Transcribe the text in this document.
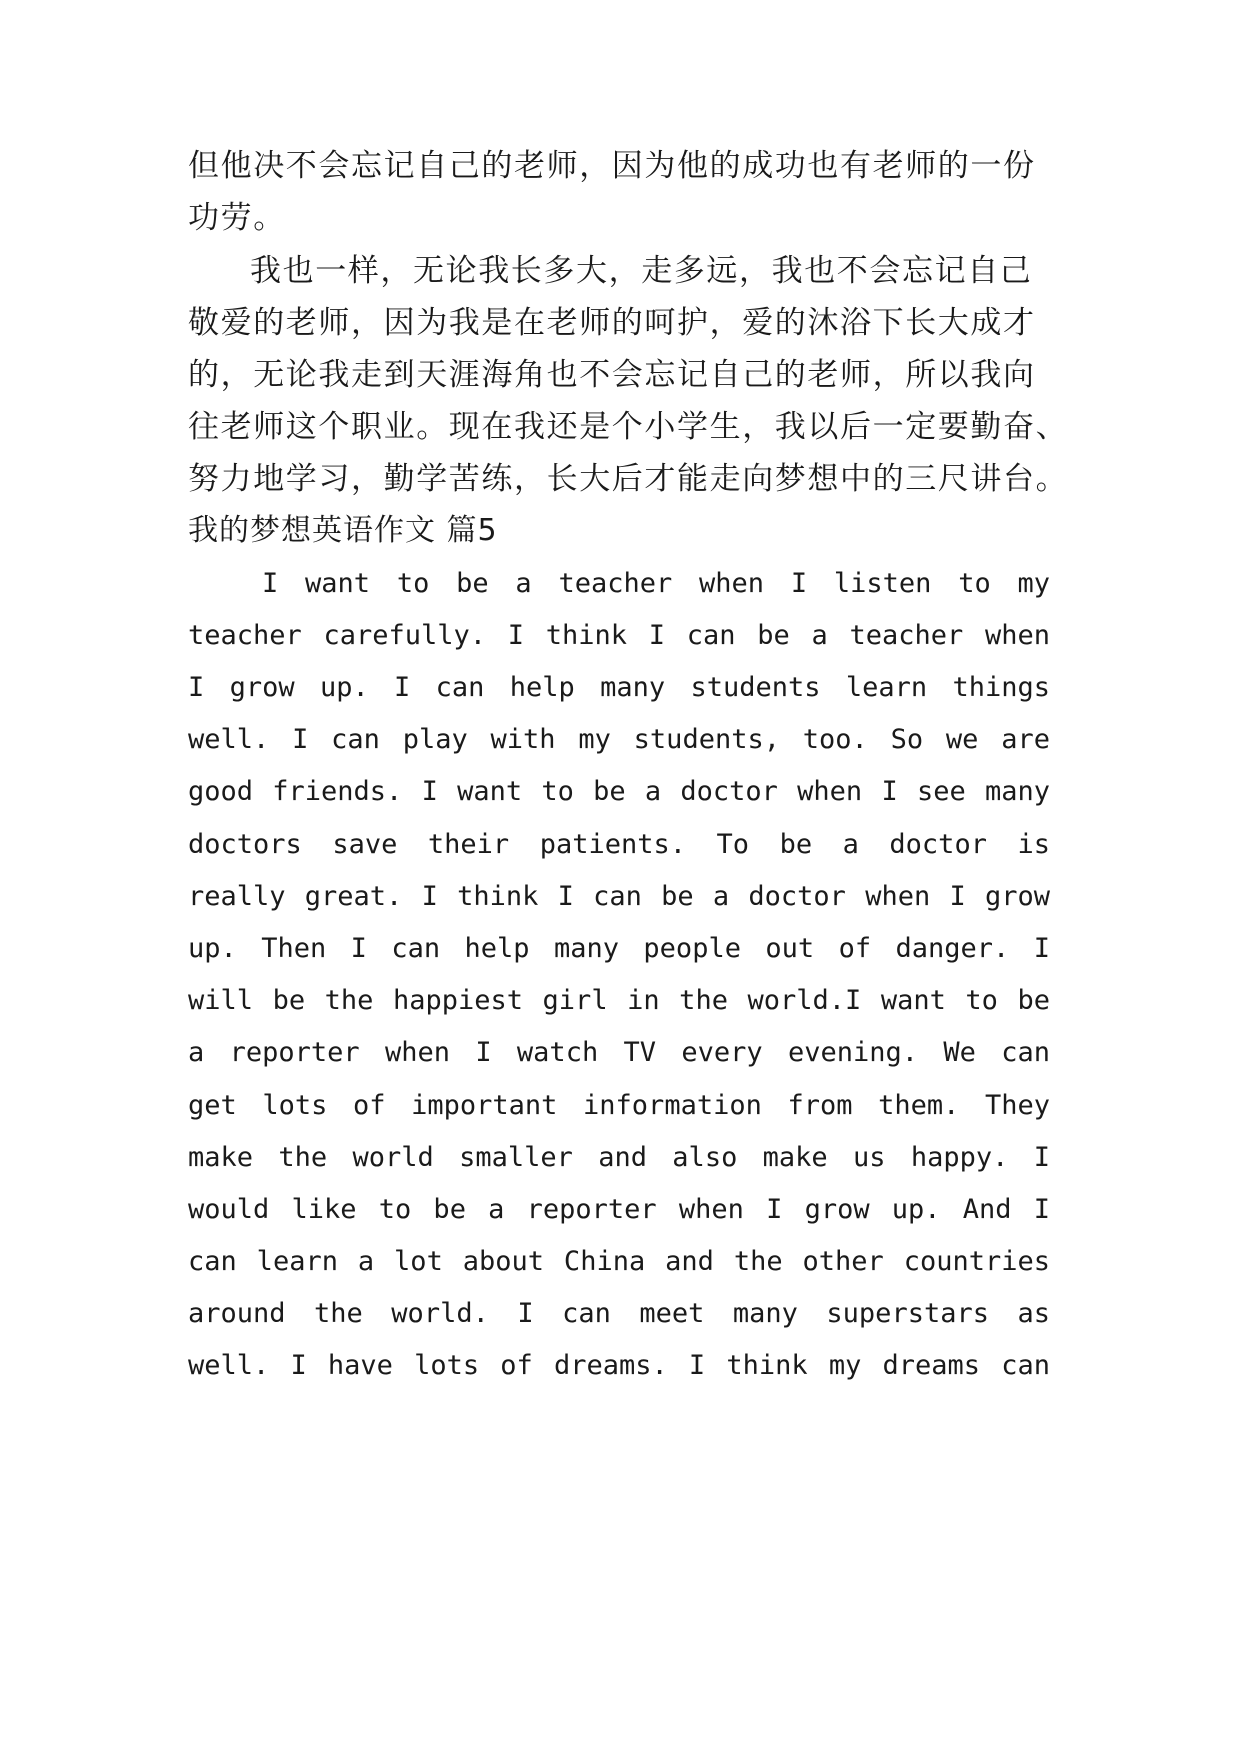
但他决不会忘记自己的老师，因为他的成功也有老师的一份
功劳。
我也一样，无论我长多大，走多远，我也不会忘记自己
敬爱的老师，因为我是在老师的呵护，爱的沐浴下长大成才
的，无论我走到天涯海角也不会忘记自己的老师，所以我向
往老师这个职业。现在我还是个小学生，我以后一定要勤奋、
努力地学习，勤学苦练，长大后才能走向梦想中的三尺讲台。
我的梦想英语作文 篇5
I want to be a teacher when I listen to my
teacher carefully. I think I can be a teacher when
I grow up. I can help many students learn things
well. I can play with my students, too. So we are
good friends. I want to be a doctor when I see many
doctors save their patients. To be a doctor is
really great. I think I can be a doctor when I grow
up. Then I can help many people out of danger. I
will be the happiest girl in the world.I want to be
a reporter when I watch TV every evening. We can
get lots of important information from them. They
make the world smaller and also make us happy. I
would like to be a reporter when I grow up. And I
can learn a lot about China and the other countries
around the world. I can meet many superstars as
well. I have lots of dreams. I think my dreams can
